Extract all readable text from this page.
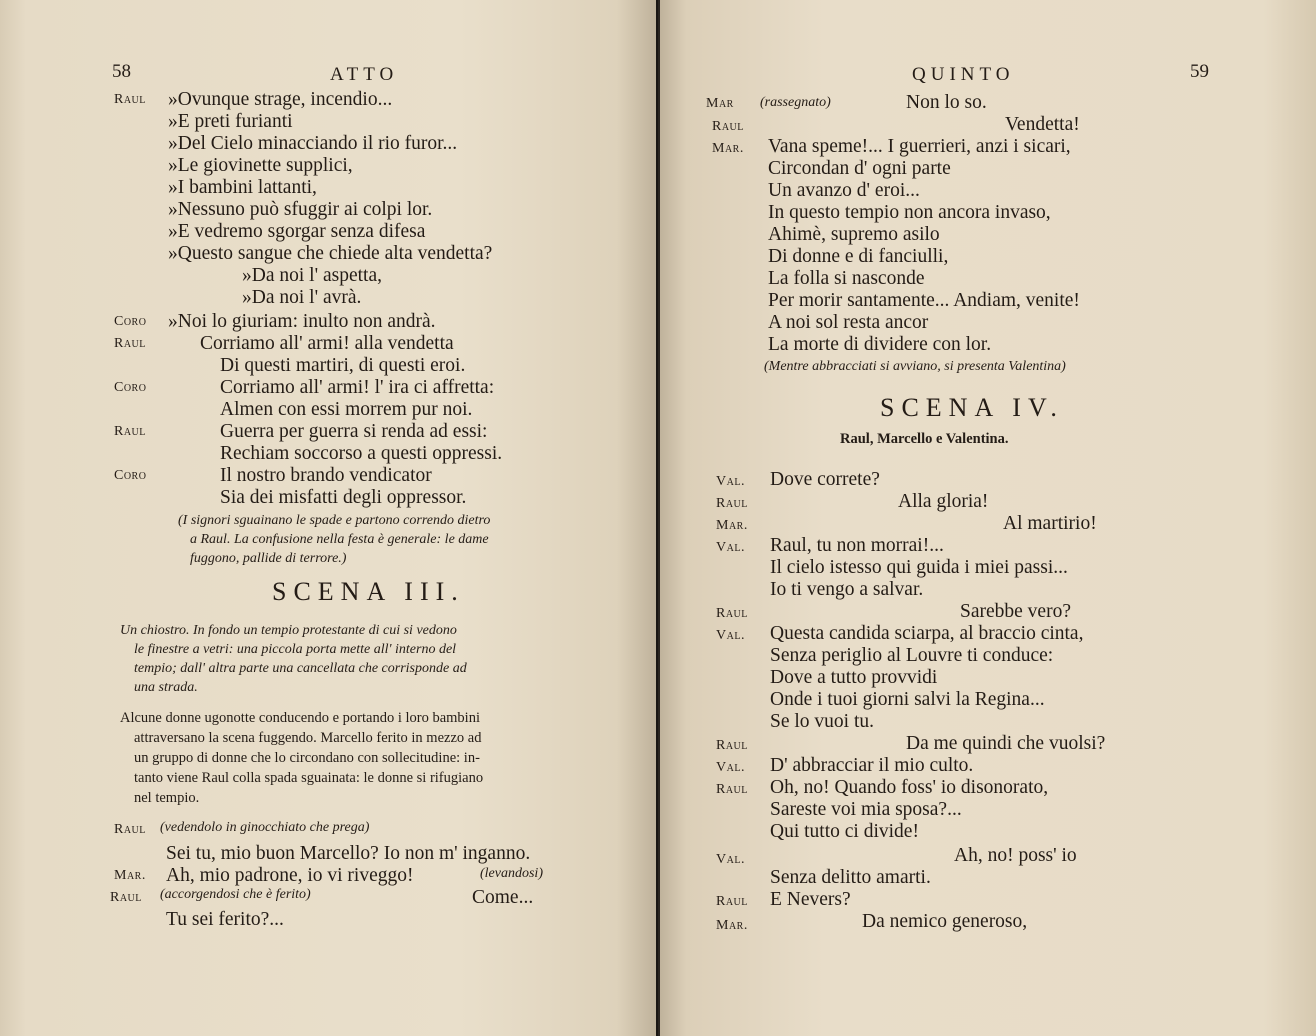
58	ATTO
Raul »Ovunque strage, incendio...
»E preti furianti
»Del Cielo minacciando il rio furor...
»Le giovinette supplici,
»I bambini lattanti,
»Nessuno può sfuggir ai colpi lor.
»E vedremo sgorgar senza difesa
»Questo sangue che chiede alta vendetta?
»Da noi l' aspetta,
»Da noi l' avrà.
Coro »Noi lo giuriam: inulto non andrà.
Raul	Corriamo all' armi! alla vendetta
Di questi martiri, di questi eroi.
Coro	Corriamo all' armi! l' ira ci affretta:
Almen con essi morrem pur noi.
Raul	Guerra per guerra si renda ad essi:
Rechiam soccorso a questi oppressi.
Coro	Il nostro brando vendicator
Sia dei misfatti degli oppressor.
(I signori sguainano le spade e partono correndo dietro
a Raul. La confusione nella festa è generale: le dame
fuggono, pallide di terrore.)
SCENA III.
Un chiostro. In fondo un tempio protestante di cui si vedono
le finestre a vetri: una piccola porta mette all' interno del
tempio; dall' altra parte una cancellata che corrisponde ad
una strada.
Alcune donne ugonotte conducendo e portando i loro bambini
attraversano la scena fuggendo. Marcello ferito in mezzo ad
un gruppo di donne che lo circondano con sollecitudine: in-
tanto viene Raul colla spada sguainata: le donne si rifugiano
nel tempio.
Raul (vedendolo in ginocchiato che prega)
Sei tu, mio buon Marcello? Io non m' inganno.
Mar. Ah, mio padrone, io vi riveggo!	(levandosi)
Raul (accorgendosi che è ferito)	Come...
Tu sei ferito?...
QUINTO	59
Mar (rassegnato)	Non lo so.
Raul	Vendetta!
Mar. Vana speme!... I guerrieri, anzi i sicari,
Circondan d' ogni parte
Un avanzo d' eroi...
In questo tempio non ancora invaso,
Ahimè, supremo asilo
Di donne e di fanciulli,
La folla si nasconde
Per morir santamente... Andiam, venite!
A noi sol resta ancor
La morte di dividere con lor.
(Mentre abbracciati si avviano, si presenta Valentina)
SCENA IV.
Raul, Marcello e Valentina.
Val. Dove correte?
Raul	Alla gloria!
Mar.	Al martirio!
Val. Raul, tu non morrai!...
Il cielo istesso qui guida i miei passi...
Io ti vengo a salvar.
Raul	Sarebbe vero?
Val. Questa candida sciarpa, al braccio cinta,
Senza periglio al Louvre ti conduce:
Dove a tutto provvidi
Onde i tuoi giorni salvi la Regina...
Se lo vuoi tu.
Raul	Da me quindi che vuolsi?
Val. D' abbracciar il mio culto.
Raul Oh, no! Quando foss' io disonorato,
Sareste voi mia sposa?...
Qui tutto ci divide!
Val.	Ah, no! poss' io
Senza delitto amarti.
Raul E Nevers?
Mar.	Da nemico generoso,
